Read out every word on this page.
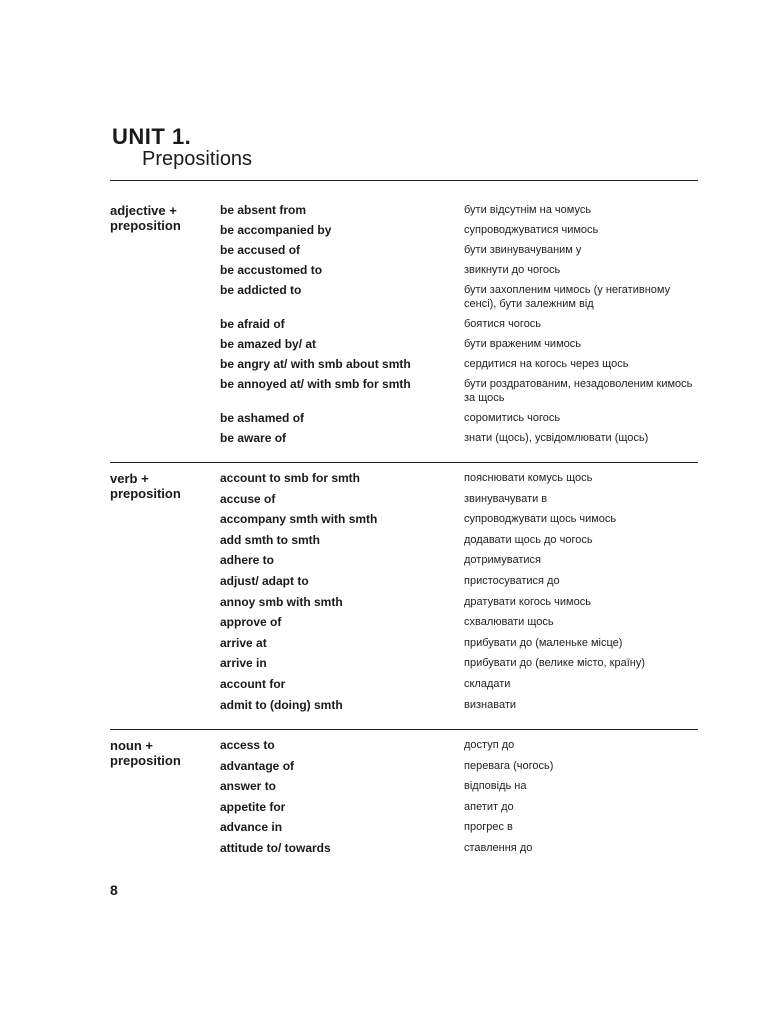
UNIT 1.
Prepositions
adjective +
preposition
be absent from	бути відсутнім на чомусь
be accompanied by	супроводжуватися чимось
be accused of	бути звинувачуваним у
be accustomed to	звикнути до чогось
be addicted to	бути захопленим чимось (у негативному сенсі), бути залежним від
be afraid of	боятися чогось
be amazed by/ at	бути враженим чимось
be angry at/ with smb about smth	сердитися на когось через щось
be annoyed at/ with smb for smth	бути роздратованим, незадоволеним кимось за щось
be ashamed of	соромитись чогось
be aware of	знати (щось), усвідомлювати (щось)
verb +
preposition
account to smb for smth	пояснювати комусь щось
accuse of	звинувачувати в
accompany smth with smth	супроводжувати щось чимось
add smth to smth	додавати щось до чогось
adhere to	дотримуватися
adjust/ adapt to	пристосуватися до
annoy smb with smth	дратувати когось чимось
approve of	схвалювати щось
arrive at	прибувати до (маленьке місце)
arrive in	прибувати до (велике місто, країну)
account for	складати
admit to (doing) smth	визнавати
noun +
preposition
access to	доступ до
advantage of	перевага (чогось)
answer to	відповідь на
appetite for	апетит до
advance in	прогрес в
attitude to/ towards	ставлення до
8
